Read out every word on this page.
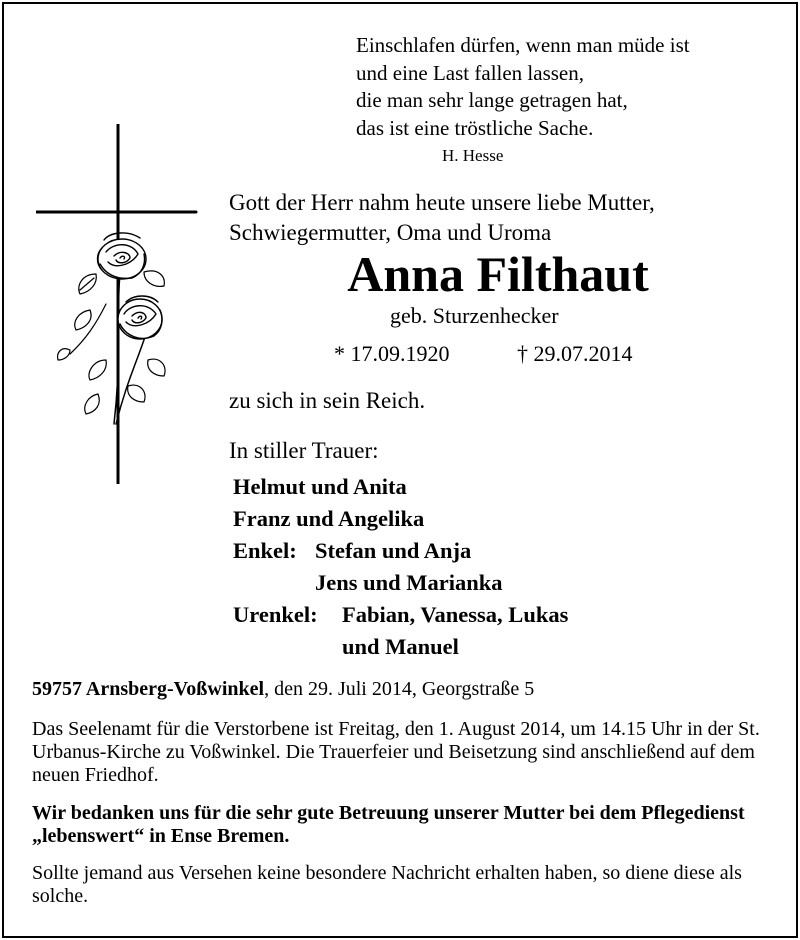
Einschlafen dürfen, wenn man müde ist
und eine Last fallen lassen,
die man sehr lange getragen hat,
das ist eine tröstliche Sache.
H. Hesse
Gott der Herr nahm heute unsere liebe Mutter,
Schwiegermutter, Oma und Uroma
Anna Filthaut
geb. Sturzenhecker
* 17.09.1920	† 29.07.2014
zu sich in sein Reich.
In stiller Trauer:
Helmut und Anita
Franz und Angelika
Enkel: Stefan und Anja
Jens und Marianka
Urenkel: Fabian, Vanessa, Lukas
und Manuel
59757 Arnsberg-Voßwinkel, den 29. Juli 2014, Georgstraße 5
Das Seelenamt für die Verstorbene ist Freitag, den 1. August 2014, um 14.15 Uhr in der St. Urbanus-Kirche zu Voßwinkel. Die Trauerfeier und Beisetzung sind anschließend auf dem neuen Friedhof.
Wir bedanken uns für die sehr gute Betreuung unserer Mutter bei dem Pflegedienst „lebenswert“ in Ense Bremen.
Sollte jemand aus Versehen keine besondere Nachricht erhalten haben, so diene diese als solche.
